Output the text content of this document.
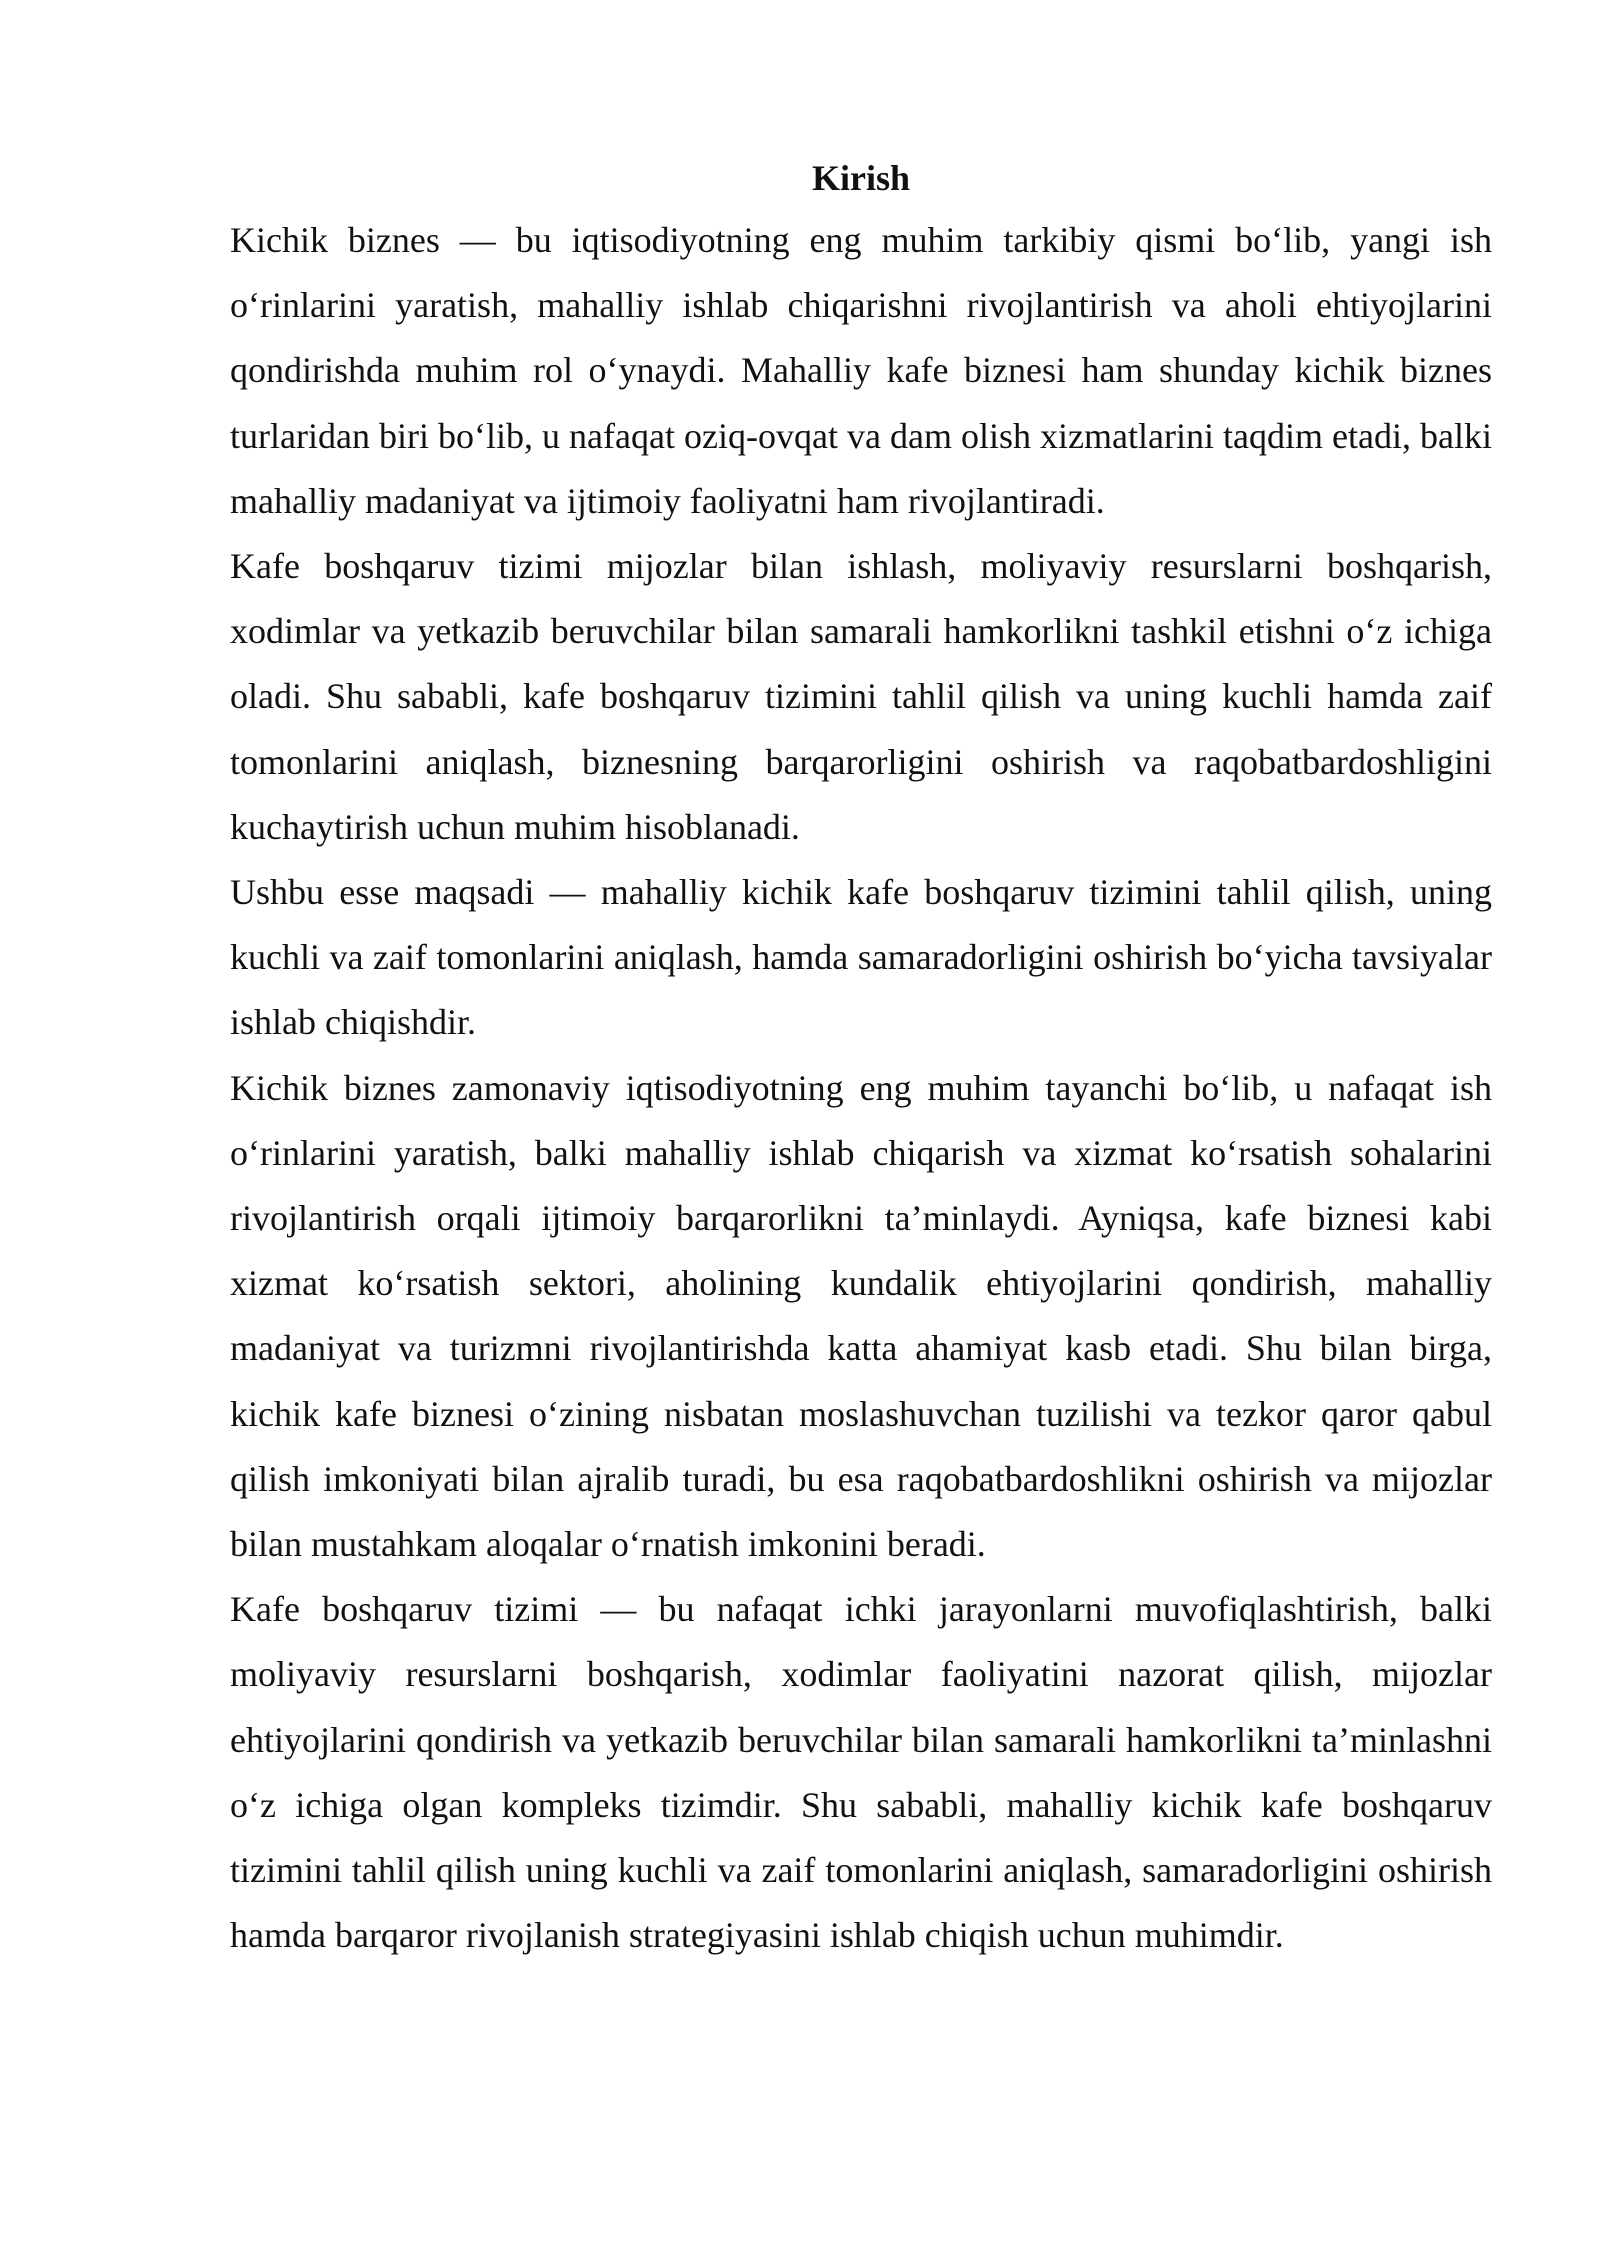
Kirish

Kichik biznes — bu iqtisodiyotning eng muhim tarkibiy qismi bo‘lib, yangi ish o‘rinlarini yaratish, mahalliy ishlab chiqarishni rivojlantirish va aholi ehtiyojlarini qondirishda muhim rol o‘ynaydi. Mahalliy kafe biznesi ham shunday kichik biznes turlaridan biri bo‘lib, u nafaqat oziq-ovqat va dam olish xizmatlarini taqdim etadi, balki mahalliy madaniyat va ijtimoiy faoliyatni ham rivojlantiradi.

Kafe boshqaruv tizimi mijozlar bilan ishlash, moliyaviy resurslarni boshqarish, xodimlar va yetkazib beruvchilar bilan samarali hamkorlikni tashkil etishni o‘z ichiga oladi. Shu sababli, kafe boshqaruv tizimini tahlil qilish va uning kuchli hamda zaif tomonlarini aniqlash, biznesning barqarorligini oshirish va raqobatbardoshligini kuchaytirish uchun muhim hisoblanadi.

Ushbu esse maqsadi — mahalliy kichik kafe boshqaruv tizimini tahlil qilish, uning kuchli va zaif tomonlarini aniqlash, hamda samaradorligini oshirish bo‘yicha tavsiyalar ishlab chiqishdir.

Kichik biznes zamonaviy iqtisodiyotning eng muhim tayanchi bo‘lib, u nafaqat ish o‘rinlarini yaratish, balki mahalliy ishlab chiqarish va xizmat ko‘rsatish sohalarini rivojlantirish orqali ijtimoiy barqarorlikni ta’minlaydi. Ayniqsa, kafe biznesi kabi xizmat ko‘rsatish sektori, aholining kundalik ehtiyojlarini qondirish, mahalliy madaniyat va turizmni rivojlantirishda katta ahamiyat kasb etadi. Shu bilan birga, kichik kafe biznesi o‘zining nisbatan moslashuvchan tuzilishi va tezkor qaror qabul qilish imkoniyati bilan ajralib turadi, bu esa raqobatbardoshlikni oshirish va mijozlar bilan mustahkam aloqalar o‘rnatish imkonini beradi.

Kafe boshqaruv tizimi — bu nafaqat ichki jarayonlarni muvofiqlashtirish, balki moliyaviy resurslarni boshqarish, xodimlar faoliyatini nazorat qilish, mijozlar ehtiyojlarini qondirish va yetkazib beruvchilar bilan samarali hamkorlikni ta’minlashni o‘z ichiga olgan kompleks tizimdir. Shu sababli, mahalliy kichik kafe boshqaruv tizimini tahlil qilish uning kuchli va zaif tomonlarini aniqlash, samaradorligini oshirish hamda barqaror rivojlanish strategiyasini ishlab chiqish uchun muhimdir.
